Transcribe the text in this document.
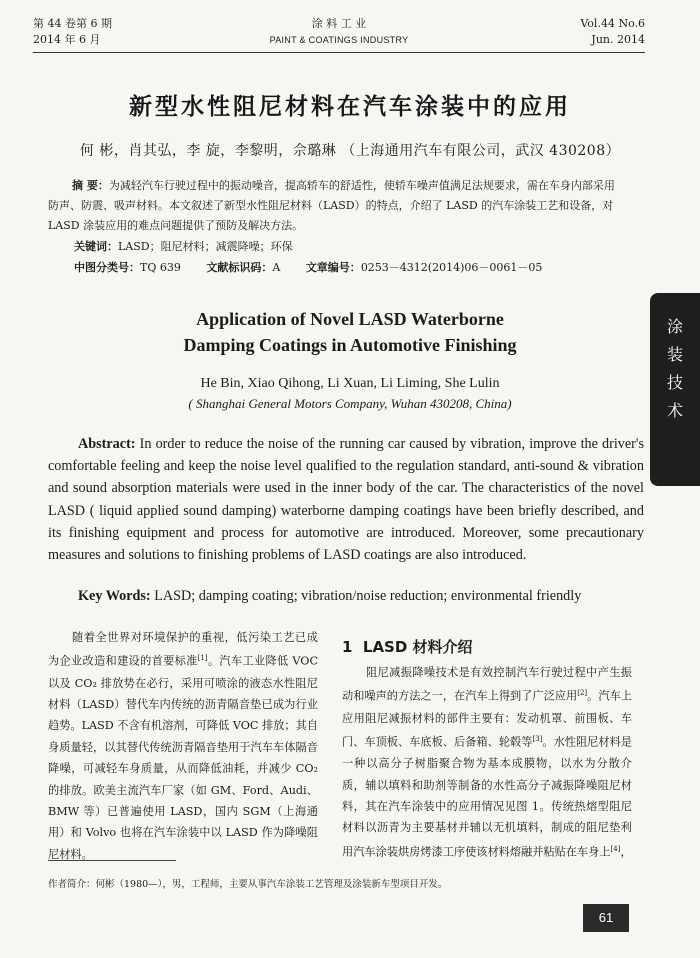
第 44 卷第 6 期
2014 年 6 月
涂 料 工 业
PAINT & COATINGS INDUSTRY
Vol.44 No.6
Jun. 2014
新型水性阻尼材料在汽车涂装中的应用
何 彬，肖其弘，李 旋，李黎明，佘璐琳 （上海通用汽车有限公司，武汉 430208）
摘 要：为减轻汽车行驶过程中的振动噪音，提高轿车的舒适性，使轿车噪声值满足法规要求，需在车身内部采用防声、防震、吸声材料。本文叙述了新型水性阻尼材料（LASD）的特点，介绍了 LASD 的汽车涂装工艺和设备，对 LASD 涂装应用的难点问题提供了预防及解决方法。
关键词：LASD；阻尼材料；减震降噪；环保
中图分类号：TQ 639 文献标识码：A 文章编号：0253－4312(2014)06－0061－05
Application of Novel LASD Waterborne
Damping Coatings in Automotive Finishing
He Bin, Xiao Qihong, Li Xuan, Li Liming, She Lulin
( Shanghai General Motors Company, Wuhan 430208, China)
Abstract: In order to reduce the noise of the running car caused by vibration, improve the driver's comfortable feeling and keep the noise level qualified to the regulation standard, anti-sound & vibration and sound absorption materials were used in the inner body of the car. The characteristics of the novel LASD ( liquid applied sound damping) waterborne damping coatings have been briefly described, and its finishing equipment and process for automotive are introduced. Moreover, some precautionary measures and solutions to finishing problems of LASD coatings are also introduced.
Key Words: LASD; damping coating; vibration/noise reduction; environmental friendly
随着全世界对环境保护的重视，低污染工艺已成为企业改造和建设的首要标准[1]。汽车工业降低 VOC 以及 CO₂ 排放势在必行，采用可喷涂的液态水性阻尼材料（LASD）替代车内传统的沥青隔音垫已成为行业趋势。LASD 不含有机溶剂，可降低 VOC 排放；其自身质量轻，以其替代传统沥青隔音垫用于汽车车体隔音降噪，可减轻车身质量，从而降低油耗，并减少 CO₂ 的排放。欧美主流汽车厂家（如 GM、Ford、Audi、BMW 等）已普遍使用 LASD，国内 SGM（上海通用）和 Volvo 也将在汽车涂装中以 LASD 作为降噪阻尼材料。
1 LASD 材料介绍
阻尼减振降噪技术是有效控制汽车行驶过程中产生振动和噪声的方法之一，在汽车上得到了广泛应用[2]。汽车上应用阻尼减振材料的部件主要有：发动机罩、前围板、车门、车顶板、车底板、后备箱、轮毂等[3]。水性阻尼材料是一种以高分子树脂聚合物为基本成膜物，以水为分散介质，辅以填料和助剂等制备的水性高分子减振降噪阻尼材料，其在汽车涂装中的应用情况见图 1。传统热熔型阻尼材料以沥青为主要基材并辅以无机填料，制成的阻尼垫利用汽车涂装烘房烤漆工序使该材料熔融并粘贴在车身上[4]，
作者简介：何彬（1980—），男，工程师，主要从事汽车涂装工艺管理及涂装新车型项目开发。
61
涂
装
技
术
